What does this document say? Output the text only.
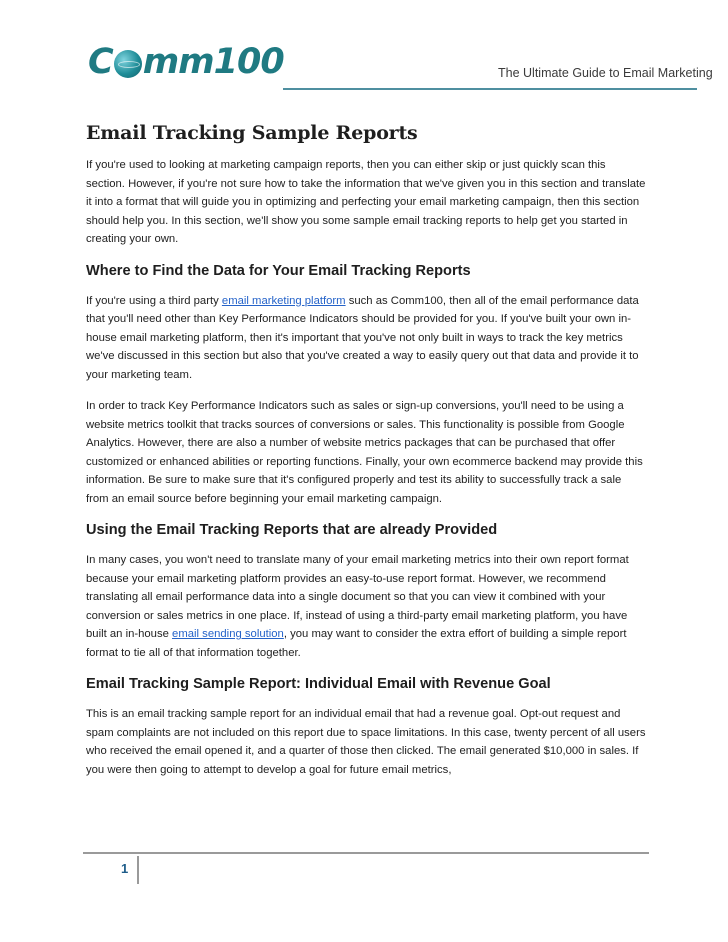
C mm100	The Ultimate Guide to Email Marketing
Email Tracking Sample Reports

If you're used to looking at marketing campaign reports, then you can either skip or just quickly scan this section. However, if you're not sure how to take the information that we've given you in this section and translate it into a format that will guide you in optimizing and perfecting your email marketing campaign, then this section should help you. In this section, we'll show you some sample email tracking reports to help get you started in creating your own.

Where to Find the Data for Your Email Tracking Reports

If you're using a third party email marketing platform such as Comm100, then all of the email performance data that you'll need other than Key Performance Indicators should be provided for you. If you've built your own in-house email marketing platform, then it's important that you've not only built in ways to track the key metrics we've discussed in this section but also that you've created a way to easily query out that data and provide it to your marketing team.

In order to track Key Performance Indicators such as sales or sign-up conversions, you'll need to be using a website metrics toolkit that tracks sources of conversions or sales. This functionality is possible from Google Analytics. However, there are also a number of website metrics packages that can be purchased that offer customized or enhanced abilities or reporting functions. Finally, your own ecommerce backend may provide this information. Be sure to make sure that it's configured properly and test its ability to successfully track a sale from an email source before beginning your email marketing campaign.

Using the Email Tracking Reports that are already Provided

In many cases, you won't need to translate many of your email marketing metrics into their own report format because your email marketing platform provides an easy-to-use report format. However, we recommend translating all email performance data into a single document so that you can view it combined with your conversion or sales metrics in one place. If, instead of using a third-party email marketing platform, you have built an in-house email sending solution, you may want to consider the extra effort of building a simple report format to tie all of that information together.

Email Tracking Sample Report: Individual Email with Revenue Goal

This is an email tracking sample report for an individual email that had a revenue goal. Opt-out request and spam complaints are not included on this report due to space limitations. In this case, twenty percent of all users who received the email opened it, and a quarter of those then clicked. The email generated $10,000 in sales. If you were then going to attempt to develop a goal for future email metrics,

1
